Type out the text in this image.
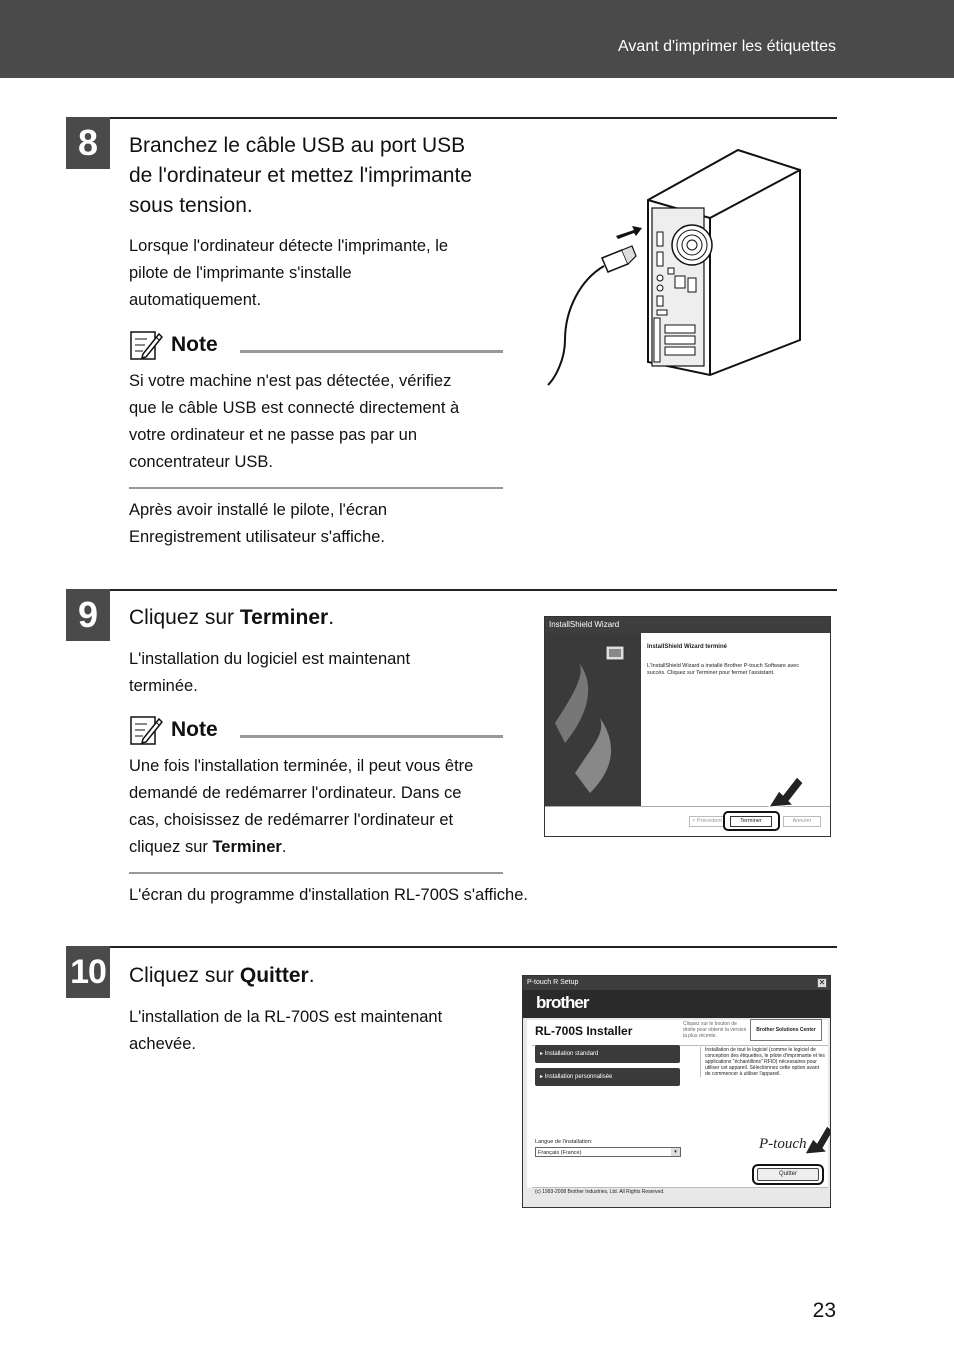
Avant d'imprimer les étiquettes
8	Branchez le câble USB au port USB
de l'ordinateur et mettez l'imprimante
sous tension.
Lorsque l'ordinateur détecte l'imprimante, le
pilote de l'imprimante s'installe
automatiquement.
Note
Si votre machine n'est pas détectée, vérifiez
que le câble USB est connecté directement à
votre ordinateur et ne passe pas par un
concentrateur USB.
Après avoir installé le pilote, l'écran
Enregistrement utilisateur s'affiche.
9	Cliquez sur Terminer.
L'installation du logiciel est maintenant
terminée.
Note
Une fois l'installation terminée, il peut vous être
demandé de redémarrer l'ordinateur. Dans ce
cas, choisissez de redémarrer l'ordinateur et
cliquez sur Terminer.
L'écran du programme d'installation RL-700S s'affiche.
InstallShield Wizard
InstallShield Wizard terminé
L'InstallShield Wizard a installé Brother P-touch Software avec succès. Cliquez sur Terminer pour fermer l'assistant.
< Précédent	Terminer	Annuler
10 Cliquez sur Quitter.
L'installation de la RL-700S est maintenant
achevée.
P-touch R Setup	✕
brother
RL-700S Installer	Cliquez sur le bouton de droite pour obtenir la version la plus récente.
Brother Solutions Center
▸ Installation standard
▸ Installation personnalisée
Installation de tout le logiciel (comme le logiciel de conception des étiquettes, le pilote d'imprimante et les applications "échantillons" RFID) nécessaires pour utiliser cet appareil. Sélectionnez cette option avant de commencer à utiliser l'appareil.
Langue de l'installation:
Français (France)	▾	P-touch
Quitter
(c) 1993-2008 Brother Industries, Ltd. All Rights Reserved.
23
